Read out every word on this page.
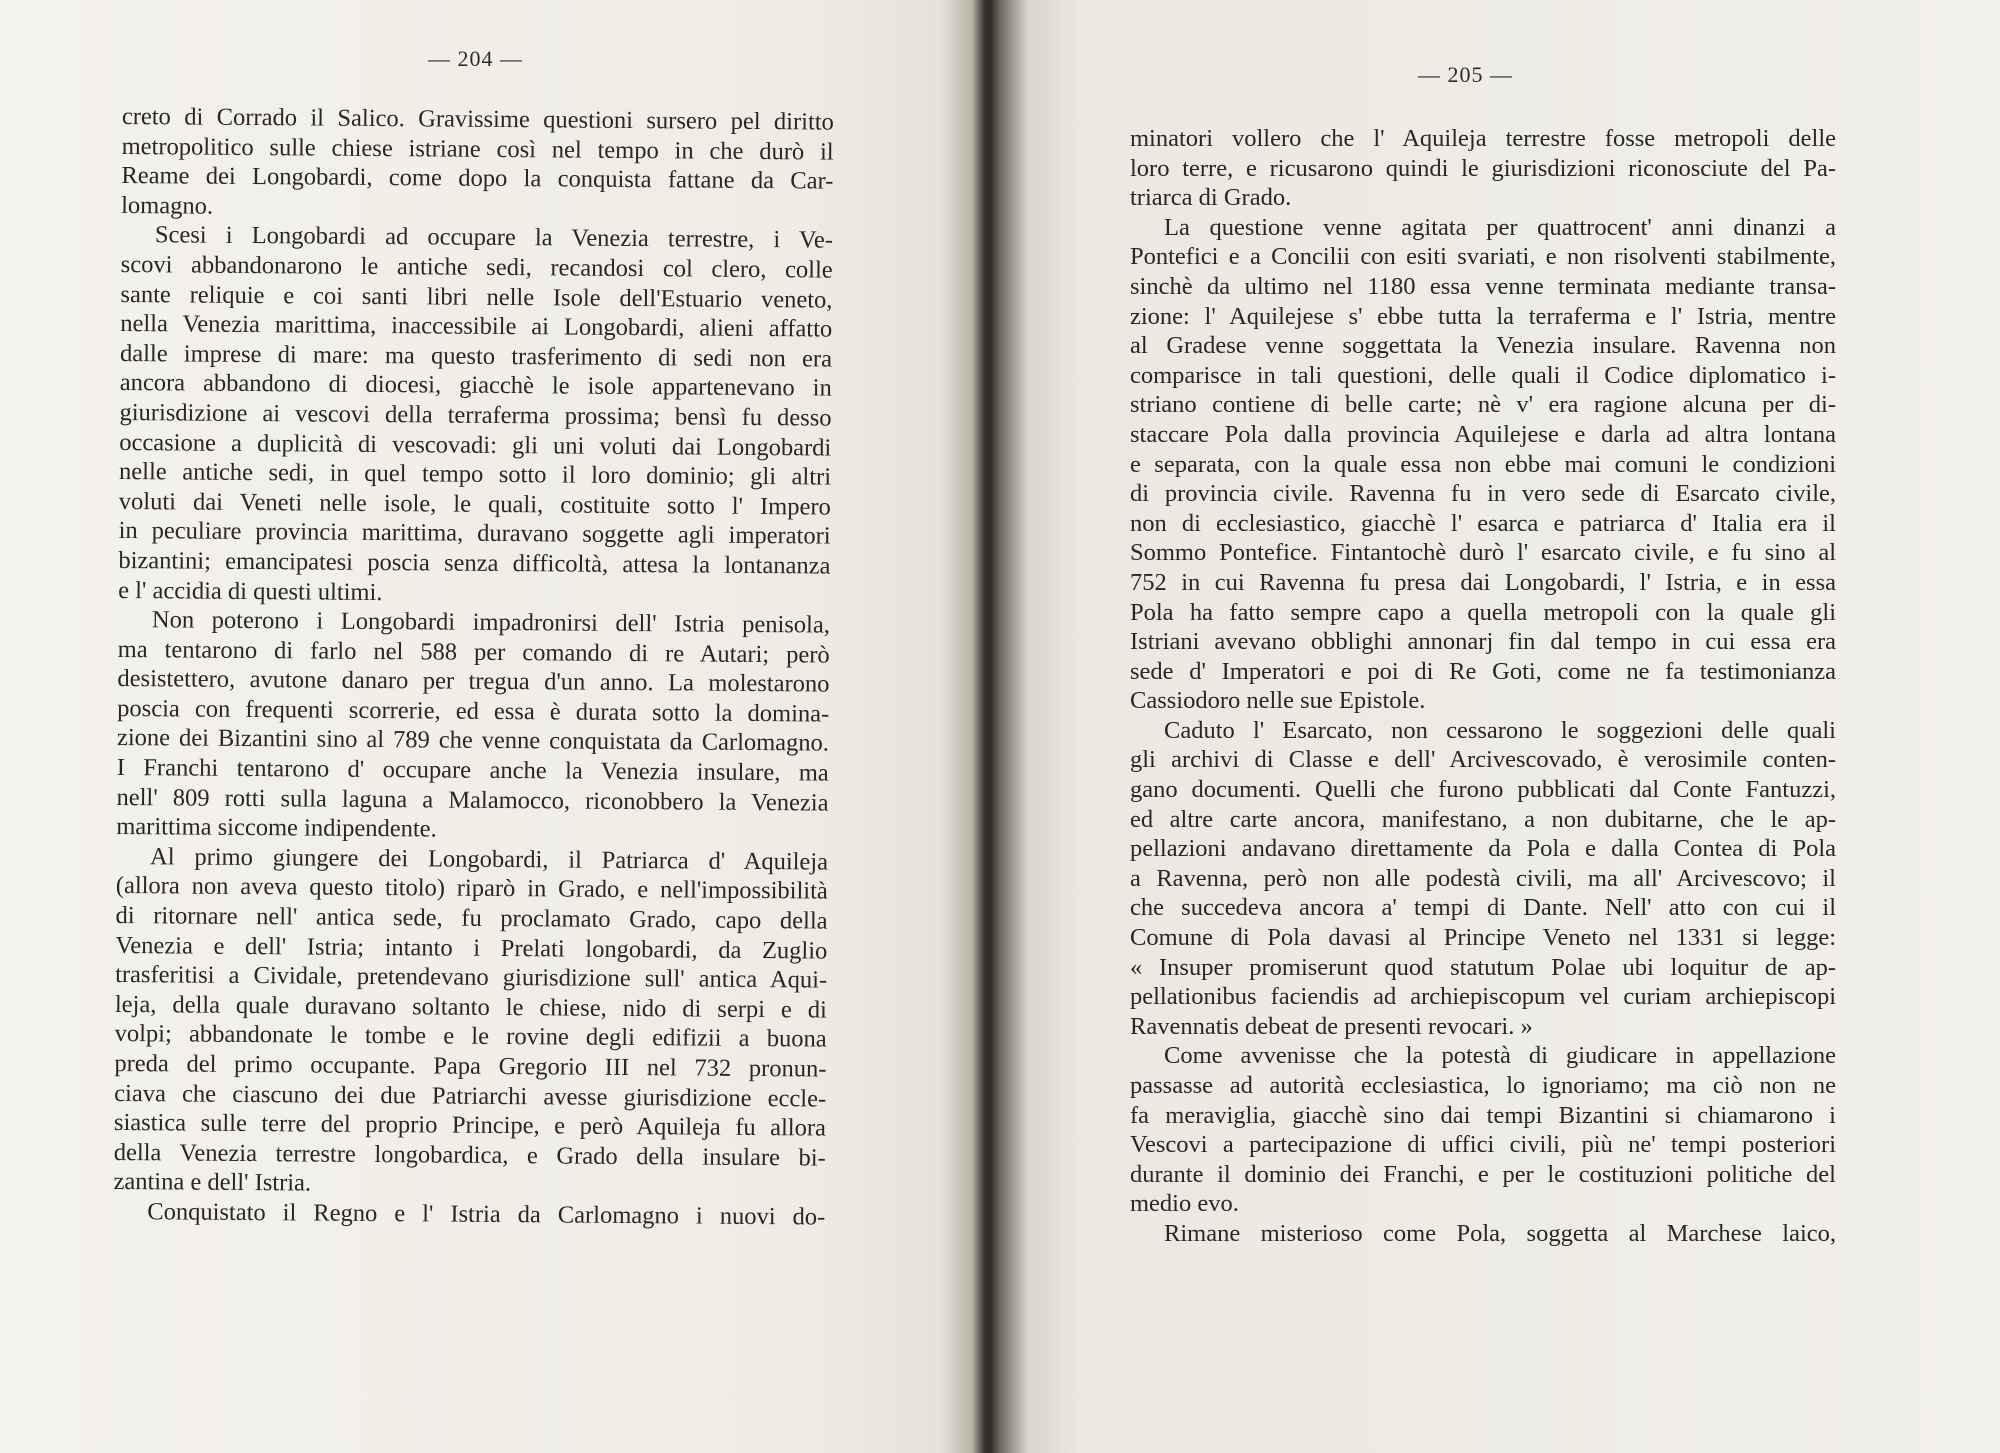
— 204 —
creto di Corrado il Salico. Gravissime questioni sursero pel diritto
metropolitico sulle chiese istriane così nel tempo in che durò il
Reame dei Longobardi, come dopo la conquista fattane da Car-
lomagno.
Scesi i Longobardi ad occupare la Venezia terrestre, i Ve-
scovi abbandonarono le antiche sedi, recandosi col clero, colle
sante reliquie e coi santi libri nelle Isole dell'Estuario veneto,
nella Venezia marittima, inaccessibile ai Longobardi, alieni affatto
dalle imprese di mare: ma questo trasferimento di sedi non era
ancora abbandono di diocesi, giacchè le isole appartenevano in
giurisdizione ai vescovi della terraferma prossima; bensì fu desso
occasione a duplicità di vescovadi: gli uni voluti dai Longobardi
nelle antiche sedi, in quel tempo sotto il loro dominio; gli altri
voluti dai Veneti nelle isole, le quali, costituite sotto l' Impero
in peculiare provincia marittima, duravano soggette agli imperatori
bizantini; emancipatesi poscia senza difficoltà, attesa la lontananza
e l' accidia di questi ultimi.
Non poterono i Longobardi impadronirsi dell' Istria penisola,
ma tentarono di farlo nel 588 per comando di re Autari; però
desistettero, avutone danaro per tregua d'un anno. La molestarono
poscia con frequenti scorrerie, ed essa è durata sotto la domina-
zione dei Bizantini sino al 789 che venne conquistata da Carlomagno.
I Franchi tentarono d' occupare anche la Venezia insulare, ma
nell' 809 rotti sulla laguna a Malamocco, riconobbero la Venezia
marittima siccome indipendente.
Al primo giungere dei Longobardi, il Patriarca d' Aquileja
(allora non aveva questo titolo) riparò in Grado, e nell'impossibilità
di ritornare nell' antica sede, fu proclamato Grado, capo della
Venezia e dell' Istria; intanto i Prelati longobardi, da Zuglio
trasferitisi a Cividale, pretendevano giurisdizione sull' antica Aqui-
leja, della quale duravano soltanto le chiese, nido di serpi e di
volpi; abbandonate le tombe e le rovine degli edifizii a buona
preda del primo occupante. Papa Gregorio III nel 732 pronun-
ciava che ciascuno dei due Patriarchi avesse giurisdizione eccle-
siastica sulle terre del proprio Principe, e però Aquileja fu allora
della Venezia terrestre longobardica, e Grado della insulare bi-
zantina e dell' Istria.
Conquistato il Regno e l' Istria da Carlomagno i nuovi do-
— 205 —
minatori vollero che l' Aquileja terrestre fosse metropoli delle
loro terre, e ricusarono quindi le giurisdizioni riconosciute del Pa-
triarca di Grado.
La questione venne agitata per quattrocent' anni dinanzi a
Pontefici e a Concilii con esiti svariati, e non risolventi stabilmente,
sinchè da ultimo nel 1180 essa venne terminata mediante transa-
zione: l' Aquilejese s' ebbe tutta la terraferma e l' Istria, mentre
al Gradese venne soggettata la Venezia insulare. Ravenna non
comparisce in tali questioni, delle quali il Codice diplomatico i-
striano contiene di belle carte; nè v' era ragione alcuna per di-
staccare Pola dalla provincia Aquilejese e darla ad altra lontana
e separata, con la quale essa non ebbe mai comuni le condizioni
di provincia civile. Ravenna fu in vero sede di Esarcato civile,
non di ecclesiastico, giacchè l' esarca e patriarca d' Italia era il
Sommo Pontefice. Fintantochè durò l' esarcato civile, e fu sino al
752 in cui Ravenna fu presa dai Longobardi, l' Istria, e in essa
Pola ha fatto sempre capo a quella metropoli con la quale gli
Istriani avevano obblighi annonarj fin dal tempo in cui essa era
sede d' Imperatori e poi di Re Goti, come ne fa testimonianza
Cassiodoro nelle sue Epistole.
Caduto l' Esarcato, non cessarono le soggezioni delle quali
gli archivi di Classe e dell' Arcivescovado, è verosimile conten-
gano documenti. Quelli che furono pubblicati dal Conte Fantuzzi,
ed altre carte ancora, manifestano, a non dubitarne, che le ap-
pellazioni andavano direttamente da Pola e dalla Contea di Pola
a Ravenna, però non alle podestà civili, ma all' Arcivescovo; il
che succedeva ancora a' tempi di Dante. Nell' atto con cui il
Comune di Pola davasi al Principe Veneto nel 1331 si legge:
« Insuper promiserunt quod statutum Polae ubi loquitur de ap-
pellationibus faciendis ad archiepiscopum vel curiam archiepiscopi
Ravennatis debeat de presenti revocari. »
Come avvenisse che la potestà di giudicare in appellazione
passasse ad autorità ecclesiastica, lo ignoriamo; ma ciò non ne
fa meraviglia, giacchè sino dai tempi Bizantini si chiamarono i
Vescovi a partecipazione di uffici civili, più ne' tempi posteriori
durante il dominio dei Franchi, e per le costituzioni politiche del
medio evo.
Rimane misterioso come Pola, soggetta al Marchese laico,
